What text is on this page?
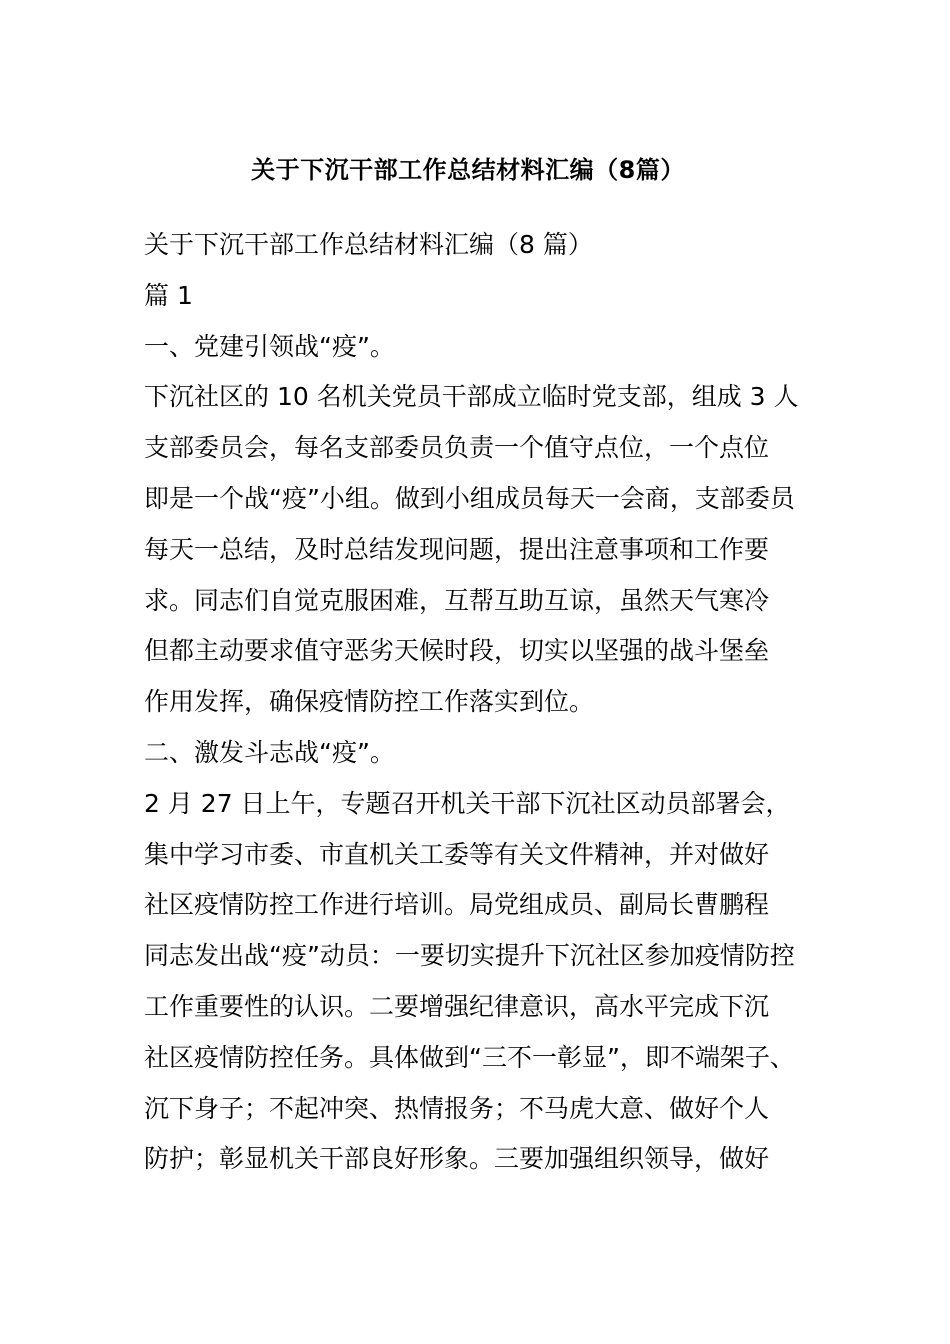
关于下沉干部工作总结材料汇编（8篇）

关于下沉干部工作总结材料汇编（8 篇）

篇 1

一、党建引领战“疫”。

下沉社区的 10 名机关党员干部成立临时党支部，组成 3 人

支部委员会，每名支部委员负责一个值守点位，一个点位

即是一个战“疫”小组。做到小组成员每天一会商，支部委员

每天一总结，及时总结发现问题，提出注意事项和工作要

求。同志们自觉克服困难，互帮互助互谅，虽然天气寒冷

但都主动要求值守恶劣天候时段，切实以坚强的战斗堡垒

作用发挥，确保疫情防控工作落实到位。

二、激发斗志战“疫”。

2 月 27 日上午，专题召开机关干部下沉社区动员部署会，

集中学习市委、市直机关工委等有关文件精神，并对做好

社区疫情防控工作进行培训。局党组成员、副局长曹鹏程

同志发出战“疫”动员：一要切实提升下沉社区参加疫情防控

工作重要性的认识。二要增强纪律意识，高水平完成下沉

社区疫情防控任务。具体做到“三不一彰显”，即不端架子、

沉下身子；不起冲突、热情报务；不马虎大意、做好个人

防护；彰显机关干部良好形象。三要加强组织领导，做好
